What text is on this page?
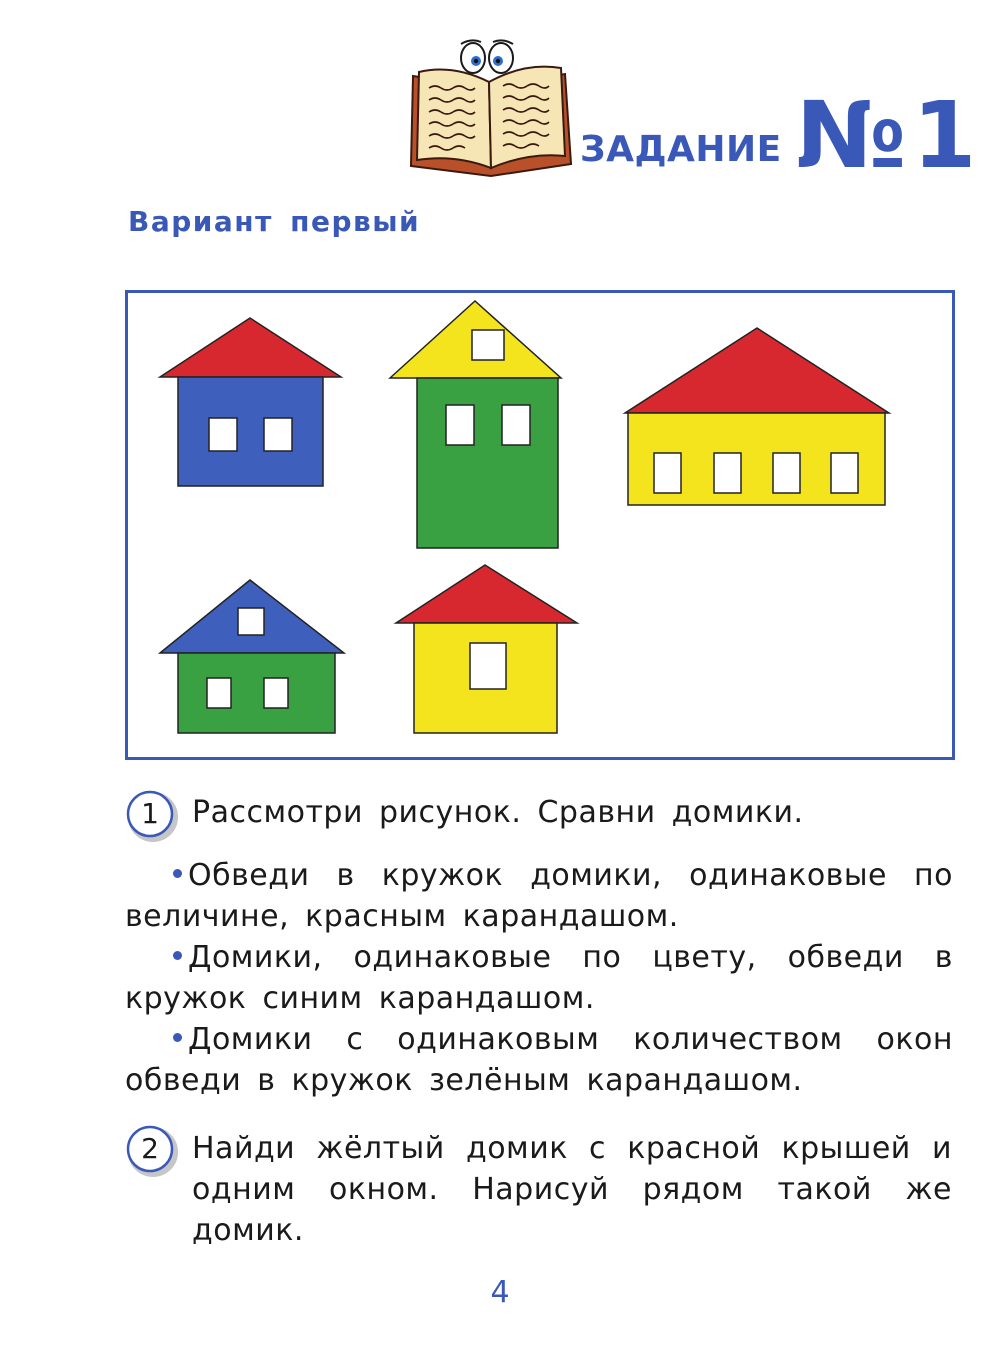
ЗАДАНИЕ № 1
Вариант первый
1	Рассмотри рисунок. Сравни домики.
Обведи в кружок домики, одинаковые по величине, красным карандашом.
Домики, одинаковые по цвету, обведи в кружок синим карандашом.
Домики с одинаковым количеством окон обведи в кружок зелёным карандашом.
2	Найди жёлтый домик с красной крышей и одним окном. Нарисуй рядом такой же домик.
4
